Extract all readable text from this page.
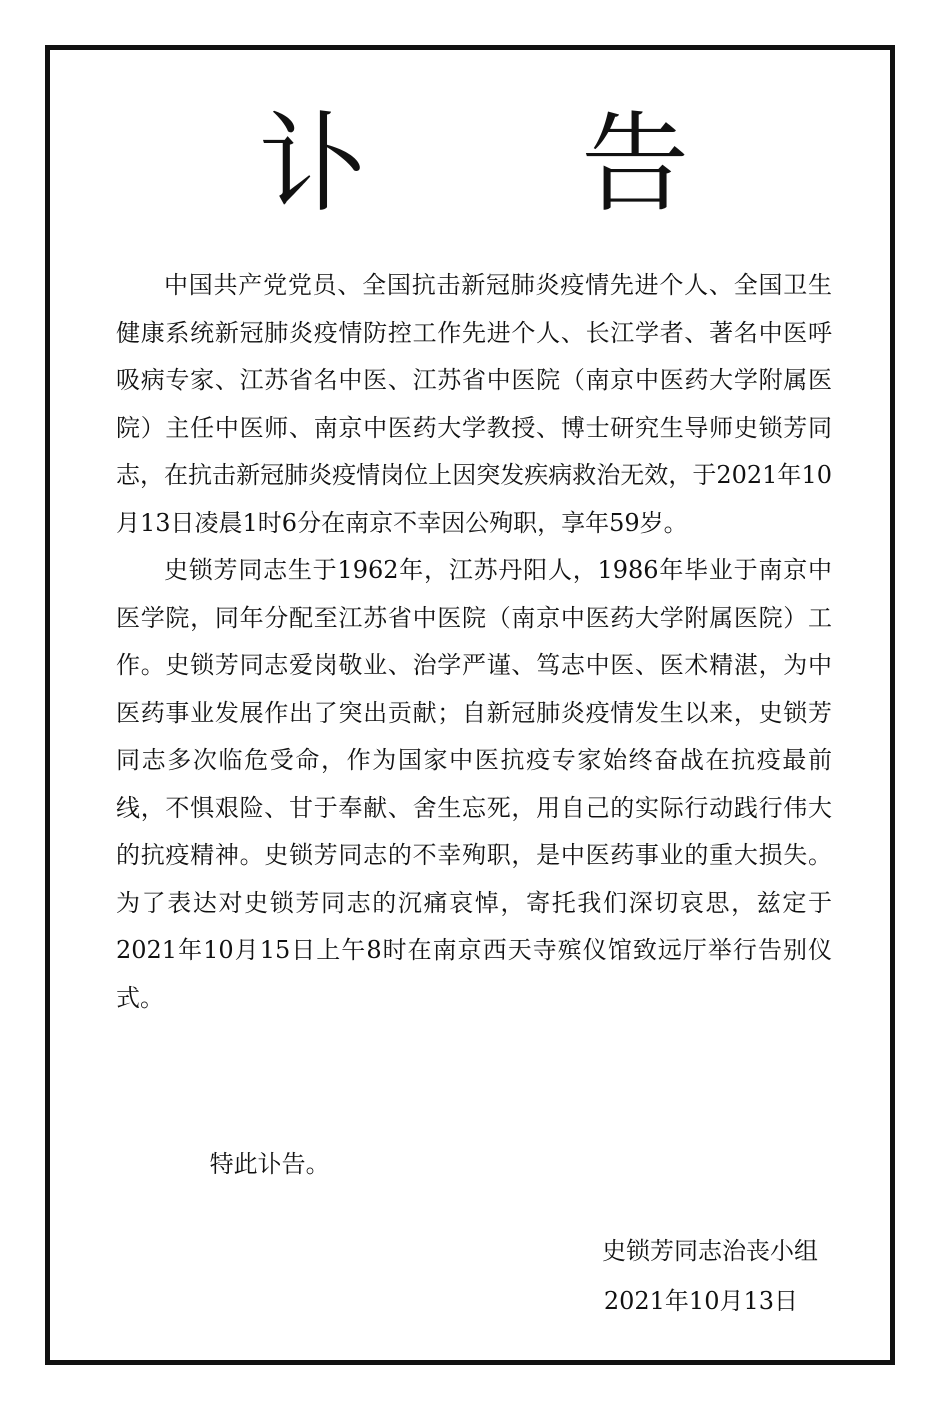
讣 告

中国共产党党员、全国抗击新冠肺炎疫情先进个人、全国卫生健康系统新冠肺炎疫情防控工作先进个人、长江学者、著名中医呼吸病专家、江苏省名中医、江苏省中医院（南京中医药大学附属医院）主任中医师、南京中医药大学教授、博士研究生导师史锁芳同志，在抗击新冠肺炎疫情岗位上因突发疾病救治无效，于2021年10月13日凌晨1时6分在南京不幸因公殉职，享年59岁。

史锁芳同志生于1962年，江苏丹阳人，1986年毕业于南京中医学院，同年分配至江苏省中医院（南京中医药大学附属医院）工作。史锁芳同志爱岗敬业、治学严谨、笃志中医、医术精湛，为中医药事业发展作出了突出贡献；自新冠肺炎疫情发生以来，史锁芳同志多次临危受命，作为国家中医抗疫专家始终奋战在抗疫最前线，不惧艰险、甘于奉献、舍生忘死，用自己的实际行动践行伟大的抗疫精神。史锁芳同志的不幸殉职，是中医药事业的重大损失。为了表达对史锁芳同志的沉痛哀悼，寄托我们深切哀思，兹定于2021年10月15日上午8时在南京西天寺殡仪馆致远厅举行告别仪式。

特此讣告。
史锁芳同志治丧小组
2021年10月13日
